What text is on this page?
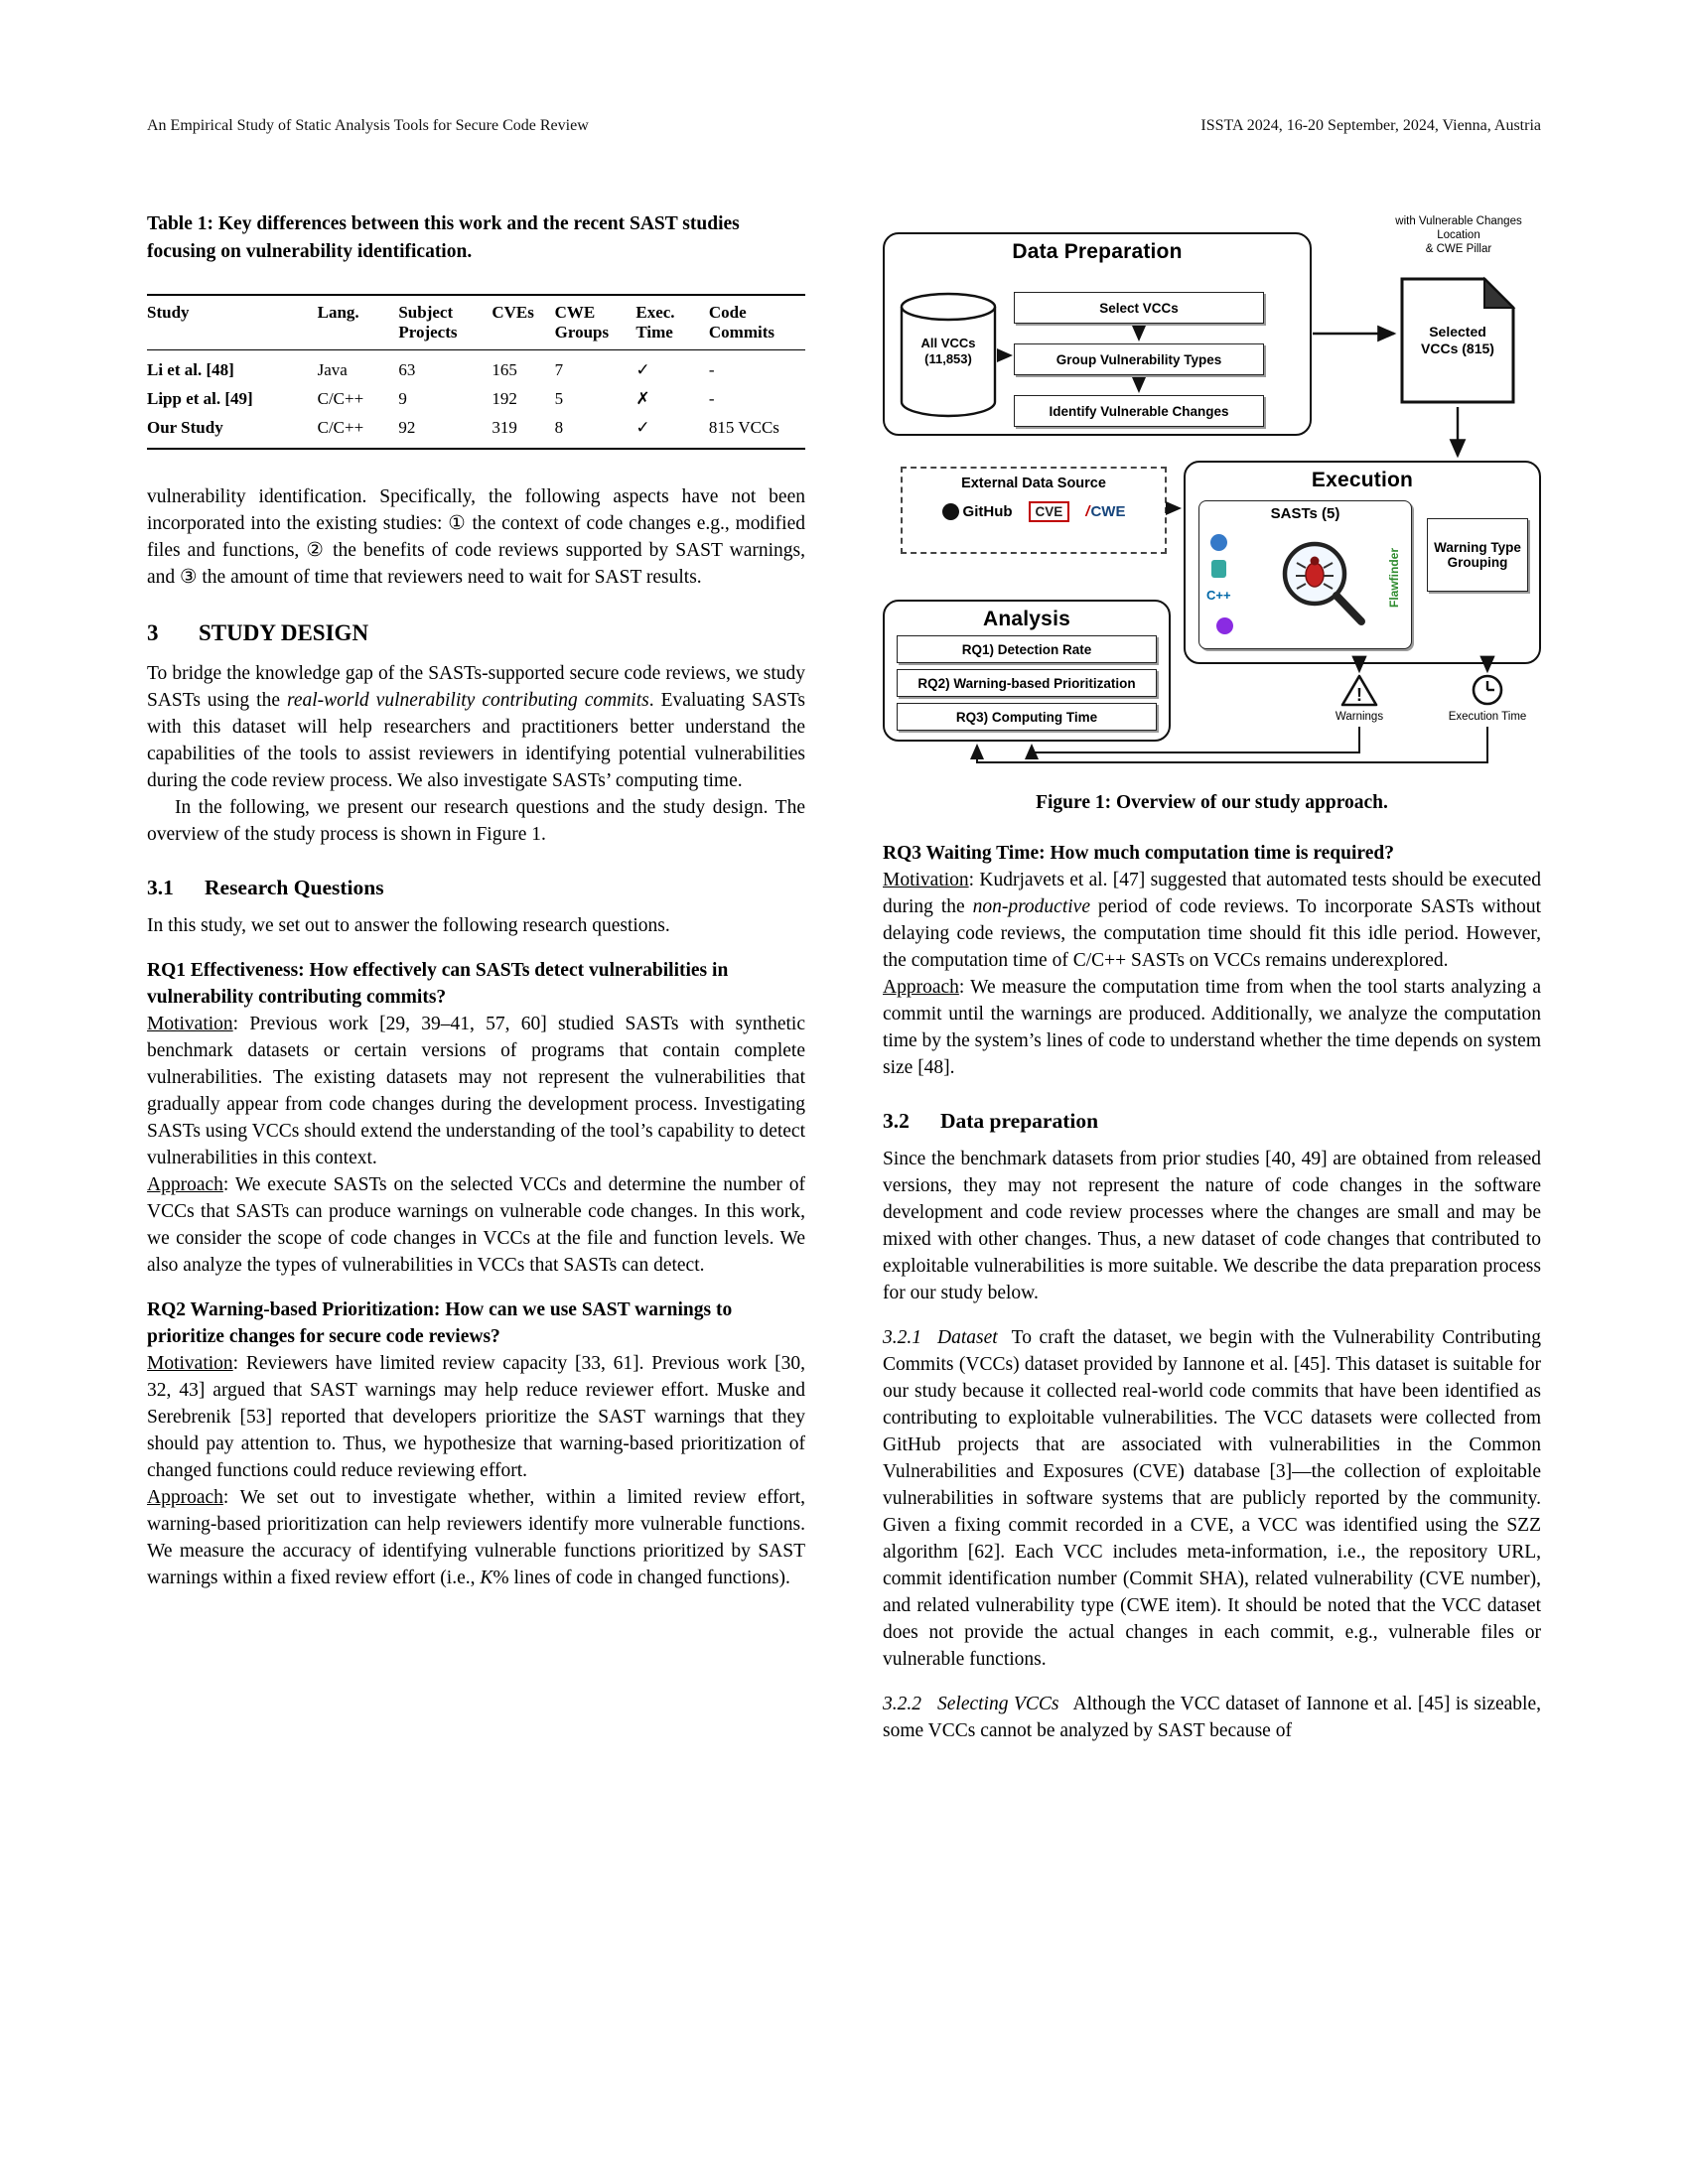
An Empirical Study of Static Analysis Tools for Secure Code Review	ISSTA 2024, 16-20 September, 2024, Vienna, Austria
Table 1: Key differences between this work and the recent SAST studies focusing on vulnerability identification.
Study	Lang.	Subject Projects	CVEs	CWE Groups	Exec. Time	Code Commits
Li et al. [48]	Java	63	165	7	✓	-
Lipp et al. [49]	C/C++	9	192	5	✗	-
Our Study	C/C++	92	319	8	✓	815 VCCs

vulnerability identification. Specifically, the following aspects have not been incorporated into the existing studies: ① the context of code changes e.g., modified files and functions, ② the benefits of code reviews supported by SAST warnings, and ③ the amount of time that reviewers need to wait for SAST results.

3	STUDY DESIGN

To bridge the knowledge gap of the SASTs-supported secure code reviews, we study SASTs using the real-world vulnerability contributing commits. Evaluating SASTs with this dataset will help researchers and practitioners better understand the capabilities of the tools to assist reviewers in identifying potential vulnerabilities during the code review process. We also investigate SASTs’ computing time.

In the following, we present our research questions and the study design. The overview of the study process is shown in Figure 1.

3.1	Research Questions

In this study, we set out to answer the following research questions.

RQ1 Effectiveness: How effectively can SASTs detect vulnerabilities in vulnerability contributing commits?

Motivation: Previous work [29, 39–41, 57, 60] studied SASTs with synthetic benchmark datasets or certain versions of programs that contain complete vulnerabilities. The existing datasets may not represent the vulnerabilities that gradually appear from code changes during the development process. Investigating SASTs using VCCs should extend the understanding of the tool’s capability to detect vulnerabilities in this context.

Approach: We execute SASTs on the selected VCCs and determine the number of VCCs that SASTs can produce warnings on vulnerable code changes. In this work, we consider the scope of code changes in VCCs at the file and function levels. We also analyze the types of vulnerabilities in VCCs that SASTs can detect.

RQ2 Warning-based Prioritization: How can we use SAST warnings to prioritize changes for secure code reviews?

Motivation: Reviewers have limited review capacity [33, 61]. Previous work [30, 32, 43] argued that SAST warnings may help reduce reviewer effort. Muske and Serebrenik [53] reported that developers prioritize the SAST warnings that they should pay attention to. Thus, we hypothesize that warning-based prioritization of changed functions could reduce reviewing effort.

Approach: We set out to investigate whether, within a limited review effort, warning-based prioritization can help reviewers identify more vulnerable functions. We measure the accuracy of identifying vulnerable functions prioritized by SAST warnings within a fixed review effort (i.e., K% lines of code in changed functions).

with Vulnerable Changes Location
& CWE Pillar
Data Preparation
All VCCs
(11,853)
Select VCCs
Group Vulnerability Types
Identify Vulnerable Changes
Selected VCCs (815)
External Data Source
GitHub	CVE	/CWE
Execution
SASTs (5)
C++	Flawfinder
Warning Type Grouping
Analysis
RQ1) Detection Rate
RQ2) Warning-based Prioritization
RQ3) Computing Time
!
Warnings	Execution Time
Figure 1: Overview of our study approach.

RQ3 Waiting Time: How much computation time is required?

Motivation: Kudrjavets et al. [47] suggested that automated tests should be executed during the non-productive period of code reviews. To incorporate SASTs without delaying code reviews, the computation time should fit this idle period. However, the computation time of C/C++ SASTs on VCCs remains underexplored.

Approach: We measure the computation time from when the tool starts analyzing a commit until the warnings are produced. Additionally, we analyze the computation time by the system’s lines of code to understand whether the time depends on system size [48].

3.2	Data preparation

Since the benchmark datasets from prior studies [40, 49] are obtained from released versions, they may not represent the nature of code changes in the software development and code review processes where the changes are small and may be mixed with other changes. Thus, a new dataset of code changes that contributed to exploitable vulnerabilities is more suitable. We describe the data preparation process for our study below.

3.2.1 Dataset To craft the dataset, we begin with the Vulnerability Contributing Commits (VCCs) dataset provided by Iannone et al. [45]. This dataset is suitable for our study because it collected real-world code commits that have been identified as contributing to exploitable vulnerabilities. The VCC datasets were collected from GitHub projects that are associated with vulnerabilities in the Common Vulnerabilities and Exposures (CVE) database [3]—the collection of exploitable vulnerabilities in software systems that are publicly reported by the community. Given a fixing commit recorded in a CVE, a VCC was identified using the SZZ algorithm [62]. Each VCC includes meta-information, i.e., the repository URL, commit identification number (Commit SHA), related vulnerability (CVE number), and related vulnerability type (CWE item). It should be noted that the VCC dataset does not provide the actual changes in each commit, e.g., vulnerable files or vulnerable functions.

3.2.2 Selecting VCCs Although the VCC dataset of Iannone et al. [45] is sizeable, some VCCs cannot be analyzed by SAST because of
